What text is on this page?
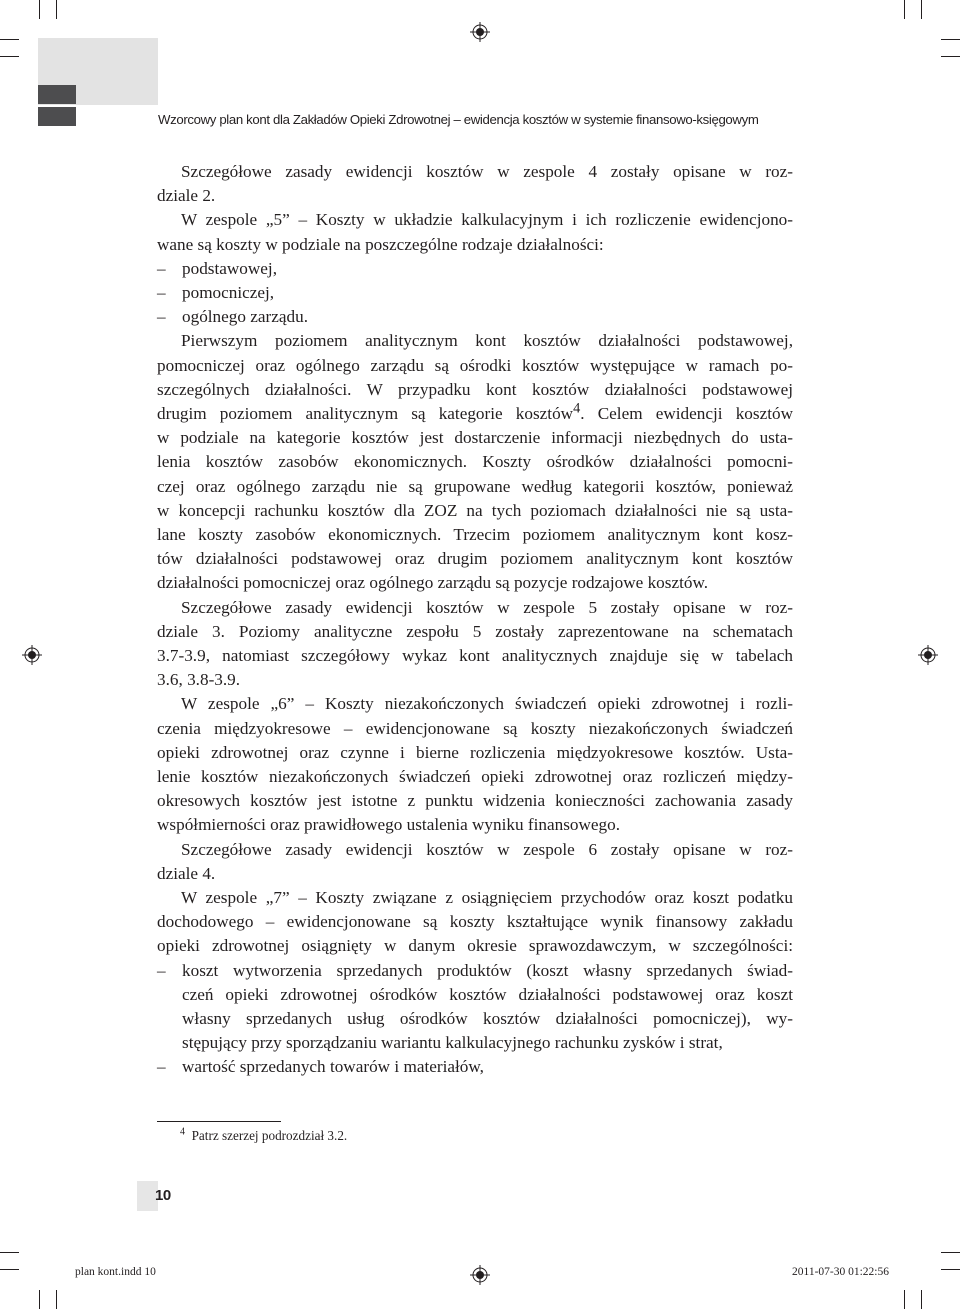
Wzorcowy plan kont dla Zakładów Opieki Zdrowotnej – ewidencja kosztów w systemie finansowo-księgowym
Szczegółowe zasady ewidencji kosztów w zespole 4 zostały opisane w roz-
dziale 2.
W zespole „5” – Koszty w układzie kalkulacyjnym i ich rozliczenie ewidencjono-
wane są koszty w podziale na poszczególne rodzaje działalności:
– podstawowej,
– pomocniczej,
– ogólnego zarządu.
Pierwszym poziomem analitycznym kont kosztów działalności podstawowej,
pomocniczej oraz ogólnego zarządu są ośrodki kosztów występujące w ramach po-
szczególnych działalności. W przypadku kont kosztów działalności podstawowej
drugim poziomem analitycznym są kategorie kosztów$^4$. Celem ewidencji kosztów
w podziale na kategorie kosztów jest dostarczenie informacji niezbędnych do usta-
lenia kosztów zasobów ekonomicznych. Koszty ośrodków działalności pomocni-
czej oraz ogólnego zarządu nie są grupowane według kategorii kosztów, ponieważ
w koncepcji rachunku kosztów dla ZOZ na tych poziomach działalności nie są usta-
lane koszty zasobów ekonomicznych. Trzecim poziomem analitycznym kont kosz-
tów działalności podstawowej oraz drugim poziomem analitycznym kont kosztów
działalności pomocniczej oraz ogólnego zarządu są pozycje rodzajowe kosztów.
Szczegółowe zasady ewidencji kosztów w zespole 5 zostały opisane w roz-
dziale 3. Poziomy analityczne zespołu 5 zostały zaprezentowane na schematach
3.7-3.9, natomiast szczegółowy wykaz kont analitycznych znajduje się w tabelach
3.6, 3.8-3.9.
W zespole „6” – Koszty niezakończonych świadczeń opieki zdrowotnej i rozli-
czenia międzyokresowe – ewidencjonowane są koszty niezakończonych świadczeń
opieki zdrowotnej oraz czynne i bierne rozliczenia międzyokresowe kosztów. Usta-
lenie kosztów niezakończonych świadczeń opieki zdrowotnej oraz rozliczeń między-
okresowych kosztów jest istotne z punktu widzenia konieczności zachowania zasady
współmierności oraz prawidłowego ustalenia wyniku finansowego.
Szczegółowe zasady ewidencji kosztów w zespole 6 zostały opisane w roz-
dziale 4.
W zespole „7” – Koszty związane z osiągnięciem przychodów oraz koszt podatku
dochodowego – ewidencjonowane są koszty kształtujące wynik finansowy zakładu
opieki zdrowotnej osiągnięty w danym okresie sprawozdawczym, w szczególności:
– koszt wytworzenia sprzedanych produktów (koszt własny sprzedanych świad-
czeń opieki zdrowotnej ośrodków kosztów działalności podstawowej oraz koszt
własny sprzedanych usług ośrodków kosztów działalności pomocniczej), wy-
stępujący przy sporządzaniu wariantu kalkulacyjnego rachunku zysków i strat,
– wartość sprzedanych towarów i materiałów,
$^4$ Patrz szerzej podrozdział 3.2.
10
plan kont.indd 10	2011-07-30 01:22:56
